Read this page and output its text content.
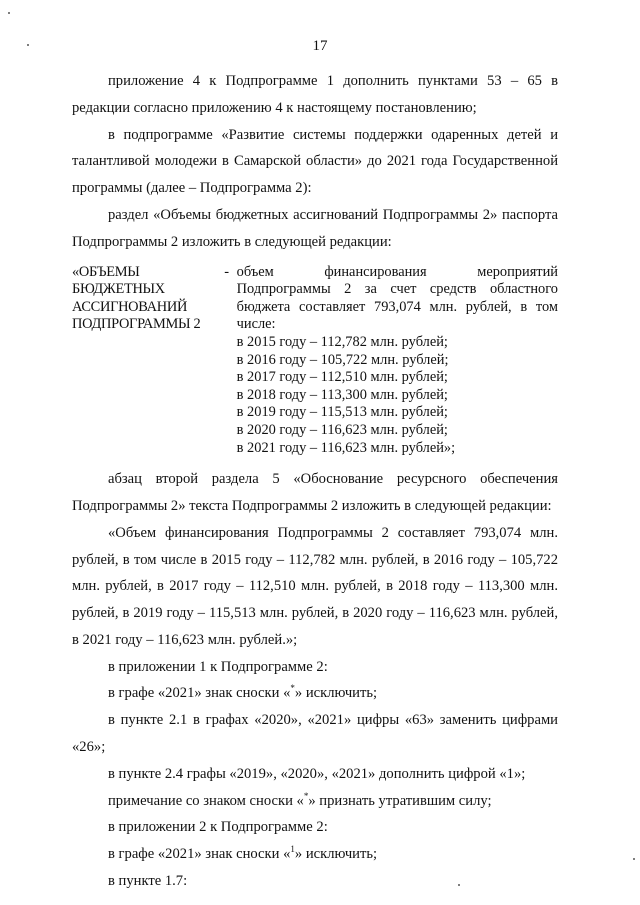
17

приложение 4 к Подпрограмме 1 дополнить пунктами 53 – 65 в редакции согласно приложению 4 к настоящему постановлению;

в подпрограмме «Развитие системы поддержки одаренных детей и талантливой молодежи в Самарской области» до 2021 года Государственной программы (далее – Подпрограмма 2):

раздел «Объемы бюджетных ассигнований Подпрограммы 2» паспорта Подпрограммы 2 изложить в следующей редакции:

«ОБЪЕМЫ
БЮДЖЕТНЫХ
АССИГНОВАНИЙ
ПОДПРОГРАММЫ 2
- объем финансирования мероприятий Подпрограммы 2 за счет средств областного бюджета составляет 793,074 млн. рублей, в том числе:
в 2015 году – 112,782 млн. рублей;
в 2016 году – 105,722 млн. рублей;
в 2017 году – 112,510 млн. рублей;
в 2018 году – 113,300 млн. рублей;
в 2019 году – 115,513 млн. рублей;
в 2020 году – 116,623 млн. рублей;
в 2021 году – 116,623 млн. рублей»;

абзац второй раздела 5 «Обоснование ресурсного обеспечения Подпрограммы 2» текста Подпрограммы 2 изложить в следующей редакции:

«Объем финансирования Подпрограммы 2 составляет 793,074 млн. рублей, в том числе в 2015 году – 112,782 млн. рублей, в 2016 году – 105,722 млн. рублей, в 2017 году – 112,510 млн. рублей, в 2018 году – 113,300 млн. рублей, в 2019 году – 115,513 млн. рублей, в 2020 году – 116,623 млн. рублей, в 2021 году – 116,623 млн. рублей.»;

в приложении 1 к Подпрограмме 2:

в графе «2021» знак сноски «*» исключить;

в пункте 2.1 в графах «2020», «2021» цифры «63» заменить цифрами «26»;

в пункте 2.4 графы «2019», «2020», «2021» дополнить цифрой «1»;

примечание со знаком сноски «*» признать утратившим силу;

в приложении 2 к Подпрограмме 2:

в графе «2021» знак сноски «$^1$» исключить;

в пункте 1.7:
